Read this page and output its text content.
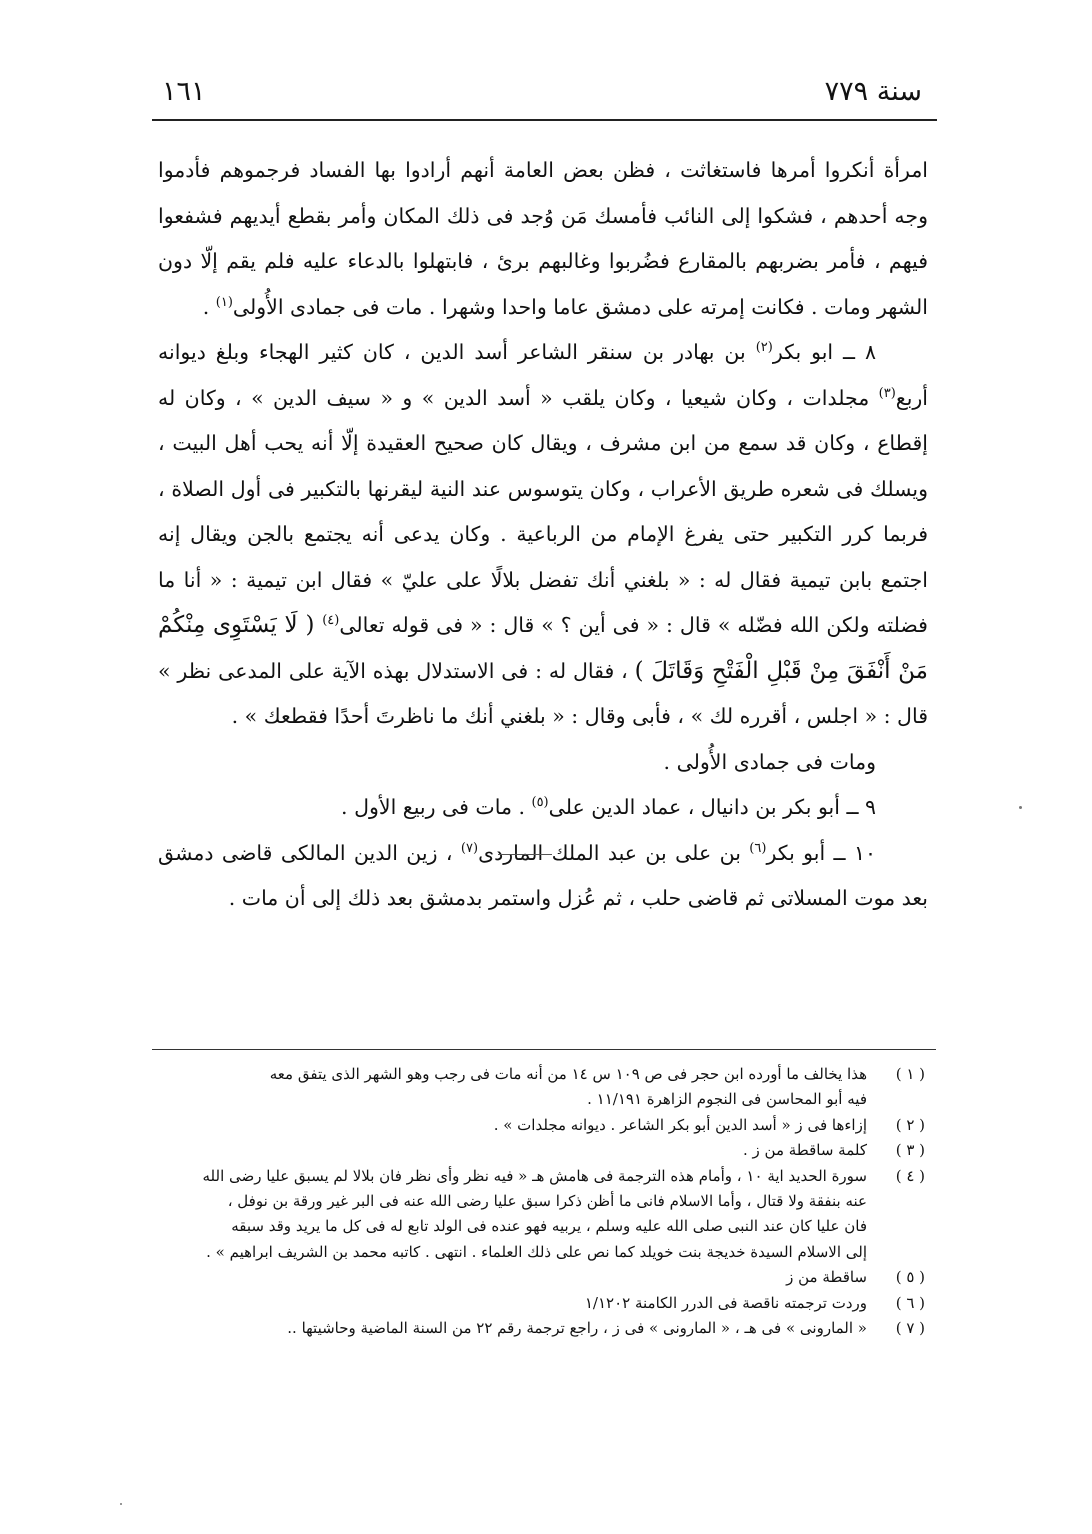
سنة ٧٧٩
١٦١

امرأة أنكروا أمرها فاستغاثت ، فظن بعض العامة أنهم أرادوا بها الفساد فرجموهم فأدموا وجه أحدهم ، فشكوا إلى النائب فأمسك مَن وُجد فى ذلك المكان وأمر بقطع أيديهم فشفعوا فيهم ، فأمر بضربهم بالمقارع فضُربوا وغالبهم برئ ، فابتهلوا بالدعاء عليه فلم يقم إلّا دون الشهر ومات . فكانت إمرته على دمشق عاما واحدا وشهرا . مات فى جمادى الأُولى$^{(١)}$ .

٨ ــ ابو بكر$^{(٢)}$ بن بهادر بن سنقر الشاعر أسد الدين ، كان كثير الهجاء وبلغ ديوانه أربع$^{(٣)}$ مجلدات ، وكان شيعيا ، وكان يلقب « أسد الدين » و « سيف الدين » ، وكان له إقطاع ، وكان قد سمع من ابن مشرف ، ويقال كان صحيح العقيدة إلّا أنه يحب أهل البيت ، ويسلك فى شعره طريق الأعراب ، وكان يتوسوس عند النية ليقرنها بالتكبير فى أول الصلاة ، فربما كرر التكبير حتى يفرغ الإمام من الرباعية . وكان يدعى أنه يجتمع بالجن ويقال إنه اجتمع بابن تيمية فقال له : « بلغني أنك تفضل بلالًا على عليّ » فقال ابن تيمية : « أنا ما فضلته ولكن الله فضّله » قال : « فى أين ؟ » قال : « فى قوله تعالى$^{(٤)}$ ( لَا يَسْتَوِى مِنْكُمْ مَنْ أَنْفَقَ مِنْ قَبْلِ الْفَتْحِ وَقَاتَلَ ) ، فقال له : فى الاستدلال بهذه الآية على المدعى نظر » قال : « اجلس ، أقرره لك » ، فأبى وقال : « بلغني أنك ما ناظرتَ أحدًا فقطعك » .

ومات فى جمادى الأُولى .

٩ ــ أبو بكر بن دانيال ، عماد الدين على$^{(٥)}$ . مات فى ربيع الأول .

١٠ ــ أبو بكر$^{(٦)}$ بن على بن عبد الملك الماردى$^{(٧)}$ ، زين الدين المالكى قاضى دمشق بعد موت المسلاتى ثم قاضى حلب ، ثم عُزل واستمر بدمشق بعد ذلك إلى أن مات .

( ١ )
هذا يخالف ما أورده ابن حجر فى ص ١٠٩ س ١٤ من أنه مات فى رجب وهو الشهر الذى يتفق معه
فيه أبو المحاسن فى النجوم الزاهرة ١١/١٩١ .
( ٢ )
إزاءها فى ز « أسد الدين أبو بكر الشاعر . ديوانه مجلدات » .
( ٣ )
كلمة ساقطة من ز .
( ٤ )
سورة الحديد اية ١٠ ، وأمام هذه الترجمة فى هامش هـ « فيه نظر وأى نظر فان بلالا لم يسبق عليا رضى الله
عنه بنفقة ولا قتال ، وأما الاسلام فانى ما أظن ذكرا سبق عليا رضى الله عنه فى البر غير ورقة بن نوفل ،
فان عليا كان عند النبى صلى الله عليه وسلم ، يربيه فهو عنده فى الولد تابع له فى كل ما يريد وقد سبقه
إلى الاسلام السيدة خديجة بنت خويلد كما نص على ذلك العلماء . انتهى . كاتبه محمد بن الشريف ابراهيم » .
( ٥ )
ساقطة من ز
( ٦ )
وردت ترجمته ناقصة فى الدرر الكامنة ١/١٢٠٢
( ٧ )
« المارونى » فى هـ ، « المارونى » فى ز ، راجع ترجمة رقم ٢٢ من السنة الماضية وحاشيتها ..
